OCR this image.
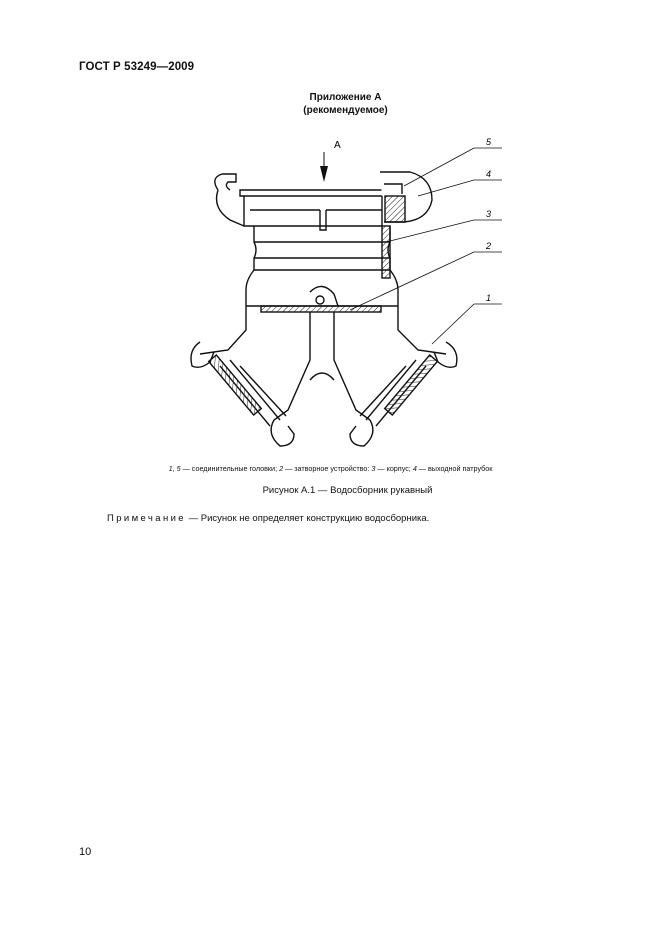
ГОСТ Р 53249—2009
Приложение А
(рекомендуемое)
А	5
4
3
2
1
1, 5 — соединительные головки; 2 — затворное устройство: 3 — корпус; 4 — выходной патрубок
Рисунок А.1 — Водосборник рукавный
Примечание — Рисунок не определяет конструкцию водосборника.
10
